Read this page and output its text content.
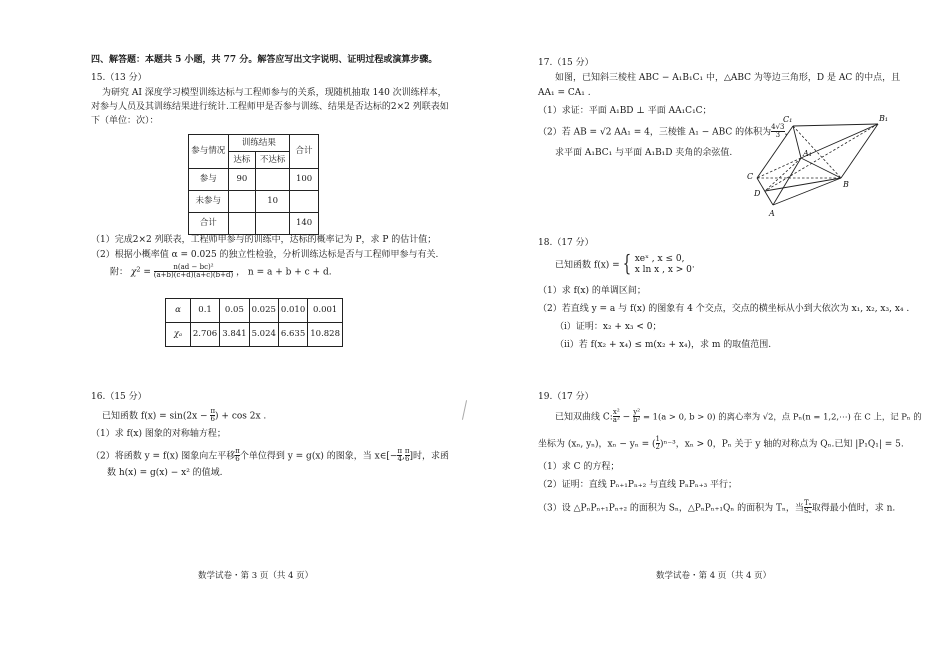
四、解答题：本题共 5 小题，共 77 分。解答应写出文字说明、证明过程或演算步骤。

15.（13 分）

为研究 AI 深度学习模型训练达标与工程师参与的关系，现随机抽取 140 次训练样本，

对参与人员及其训练结果进行统计.工程师甲是否参与训练、结果是否达标的2×2 列联表如

下（单位：次）：

参与情况	训练结果		合计
	达标	不达标	
参与	90		100
未参与		10	
合计			140

（1）完成2×2 列联表，工程师甲参与的训练中，达标的概率记为 P，求 P 的估计值；

（2）根据小概率值 α = 0.025 的独立性检验，分析训练达标是否与工程师甲参与有关.

附： $\chi^2 = \frac{\text{n(ad − bc)²}}{(a+b)(c+d)(a+c)(b+d)}$ ， n = a + b + c + d.

α	0.1	0.05	0.025	0.010	0.001
χₐ	2.706	3.841	5.024	6.635	10.828

16.（15 分）

已知函数 $f(x) = \sin(2x - \frac{\pi}{6}$ ) + cos 2x .

（1）求 f(x) 图象的对称轴方程；

（2）将函数 y = f(x) 图象向左平移 $\frac{\pi}{6}$ 个单位得到 y = g(x) 的图象，当 x∈[− $\frac{\pi}{4}$ , $\frac{\pi}{6}$ ]时，求函

数 h(x) = g(x) − x² 的值域.

数学试卷・第 3 页（共 4 页）

17.（15 分）

如图，已知斜三棱柱 ABC − A₁B₁C₁ 中，△ABC 为等边三角形，D 是 AC 的中点，且

AA₁ = CA₁ .

（1）求证：平面 A₁BD ⊥ 平面 AA₁C₁C；

（2）若 AB = √2 AA₁ = 4，三棱锥 A₁ − ABC 的体积为 $\frac{4√3}{3}$ ，

求平面 A₁BC₁ 与平面 A₁B₁D 夹角的余弦值.

C₁	B₁
A₁
C
D
B
A

18.（17 分）

已知函数 f(x) = { xeˣ , x ≤ 0,
x ln x , x > 0 .

（1）求 f(x) 的单调区间；

（2）若直线 y = a 与 f(x) 的图象有 4 个交点，交点的横坐标从小到大依次为 x₁, x₂, x₃, x₄ .

（i）证明：x₂ + x₃ < 0；

（ii）若 f(x₂ + x₄) ≤ m(x₂ + x₄)，求 m 的取值范围.

19.（17 分）

已知双曲线 C: $\frac{\text{x²}}{\text{a²}} - \frac{\text{y²}}{\text{b²}} = 1(a > 0$, b > 0) 的离心率为 √2，点 Pₙ(n = 1,2,⋯) 在 C 上，记 Pₙ 的

坐标为 (xₙ, yₙ)，xₙ − yₙ = ( $\frac{1}{2} )^{n-3}$，xₙ > 0，Pₙ 关于 y 轴的对称点为 Qₙ.已知 |P₁Q₁| = 5.

（1）求 C 的方程；

（2）证明：直线 Pₙ₊₁Pₙ₊₂ 与直线 PₙPₙ₊₃ 平行；

（3）设 △PₙPₙ₊₁Pₙ₊₂ 的面积为 Sₙ，△PₙPₙ₊₁Qₙ 的面积为 Tₙ，当 $\frac{\text{Tₙ}}{\text{Sₙ}}$ 取得最小值时，求 n.

数学试卷・第 4 页（共 4 页）
